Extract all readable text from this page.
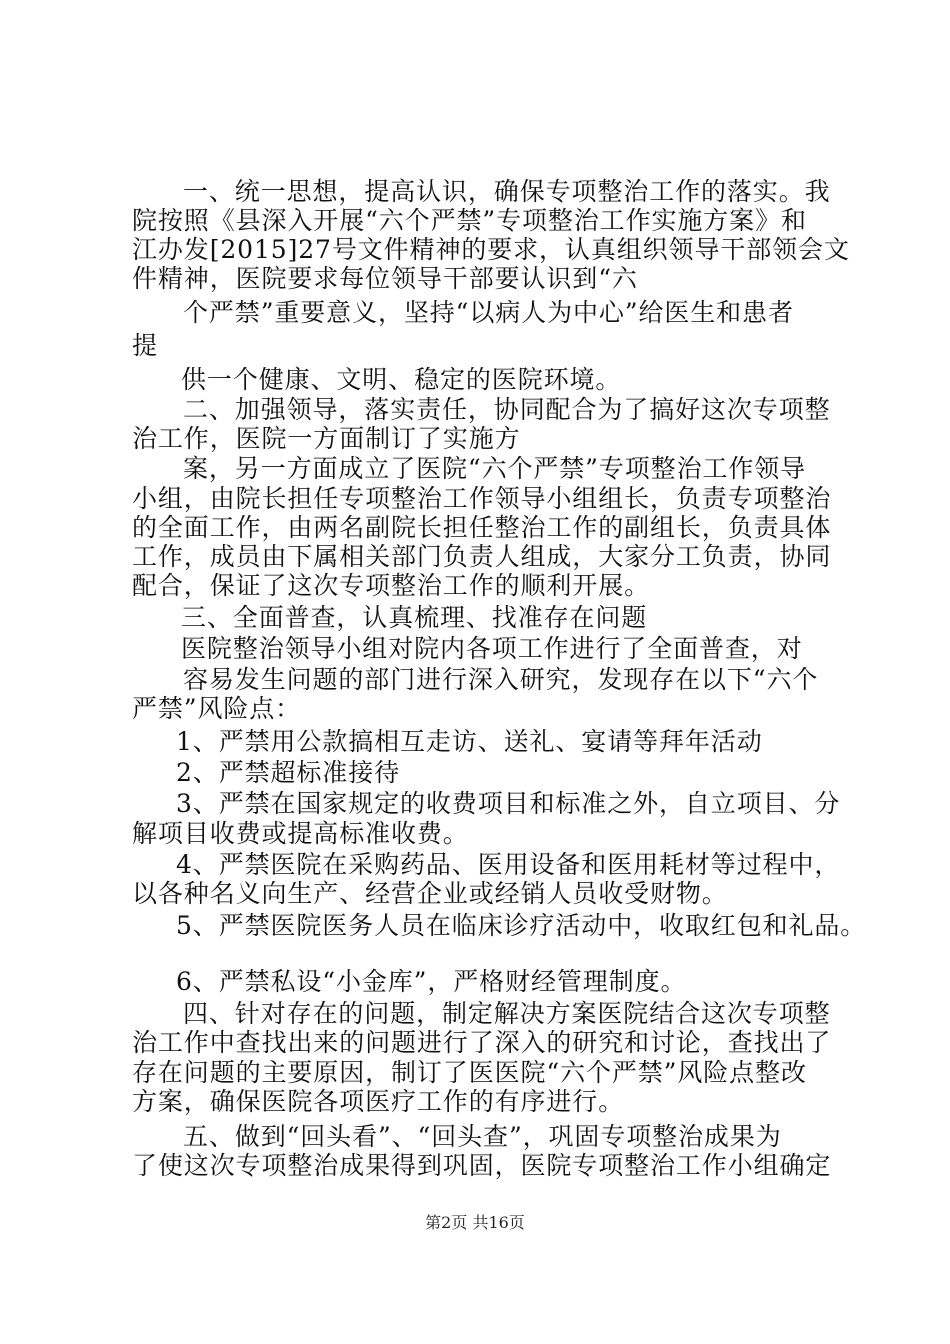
一、统一思想，提高认识，确保专项整治工作的落实。我
院按照《县深入开展“六个严禁”专项整治工作实施方案》和
江办发[2015]27号文件精神的要求，认真组织领导干部领会文
件精神，医院要求每位领导干部要认识到“六
个严禁”重要意义，坚持“以病人为中心”给医生和患者
提
供一个健康、文明、稳定的医院环境。
二、加强领导，落实责任，协同配合为了搞好这次专项整
治工作，医院一方面制订了实施方
案，另一方面成立了医院“六个严禁”专项整治工作领导
小组，由院长担任专项整治工作领导小组组长，负责专项整治
的全面工作，由两名副院长担任整治工作的副组长，负责具体
工作，成员由下属相关部门负责人组成，大家分工负责，协同
配合，保证了这次专项整治工作的顺利开展。
三、全面普查，认真梳理、找准存在问题
医院整治领导小组对院内各项工作进行了全面普查，对
容易发生问题的部门进行深入研究，发现存在以下“六个
严禁”风险点：
1、严禁用公款搞相互走访、送礼、宴请等拜年活动
2、严禁超标准接待
3、严禁在国家规定的收费项目和标准之外，自立项目、分
解项目收费或提高标准收费。
4、严禁医院在采购药品、医用设备和医用耗材等过程中，
以各种名义向生产、经营企业或经销人员收受财物。
5、严禁医院医务人员在临床诊疗活动中，收取红包和礼品。
6、严禁私设“小金库”，严格财经管理制度。
四、针对存在的问题，制定解决方案医院结合这次专项整
治工作中查找出来的问题进行了深入的研究和讨论，查找出了
存在问题的主要原因，制订了医医院“六个严禁”风险点整改
方案，确保医院各项医疗工作的有序进行。
五、做到“回头看”、“回头查”，巩固专项整治成果为
了使这次专项整治成果得到巩固，医院专项整治工作小组确定
第2页 共16页
